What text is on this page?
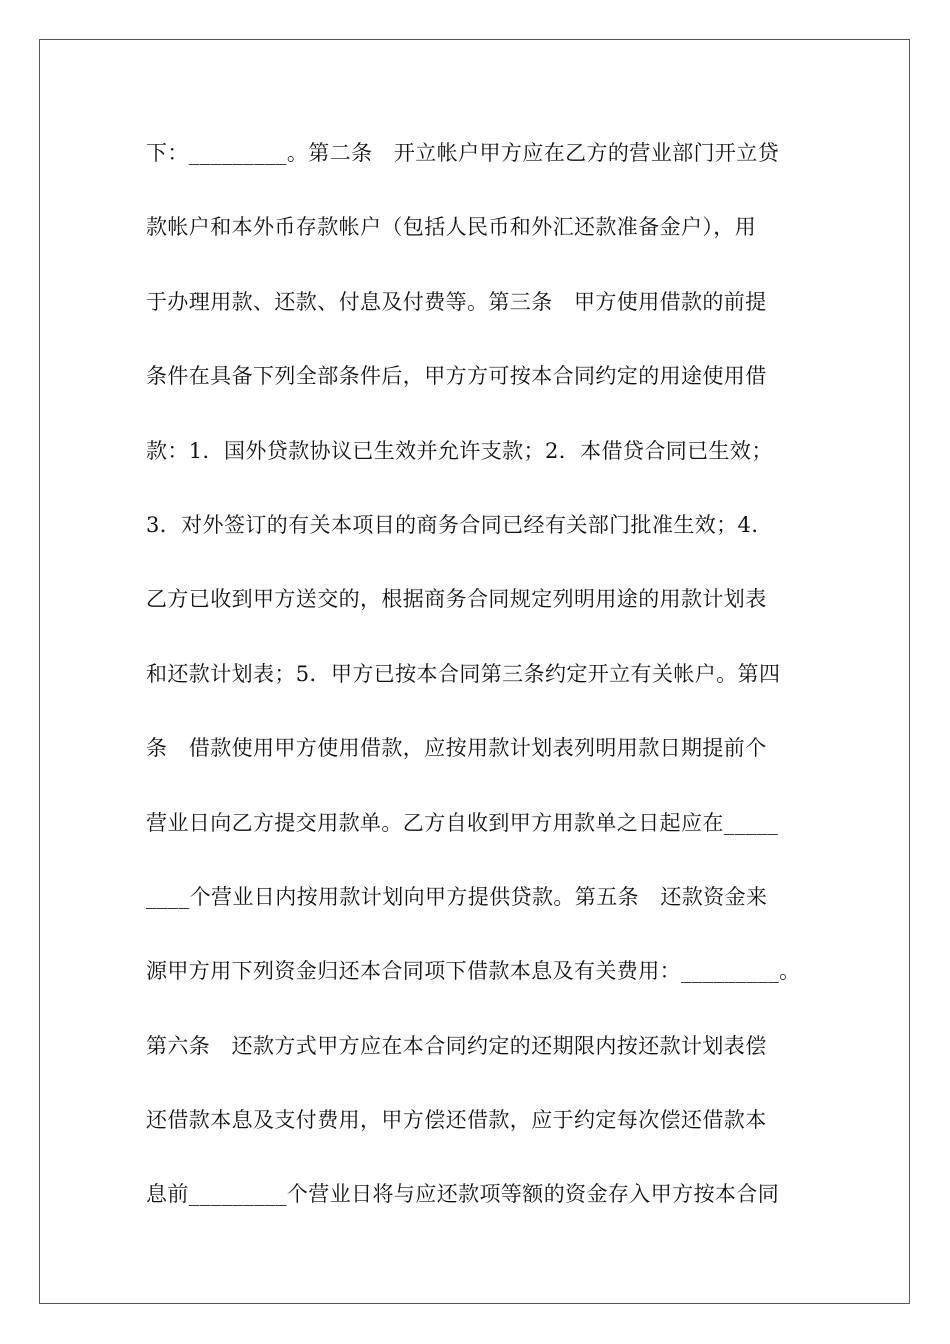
下：_________。第二条　开立帐户甲方应在乙方的营业部门开立贷
款帐户和本外币存款帐户（包括人民币和外汇还款准备金户），用
于办理用款、还款、付息及付费等。第三条　甲方使用借款的前提
条件在具备下列全部条件后，甲方方可按本合同约定的用途使用借
款：1．国外贷款协议已生效并允许支款；2．本借贷合同已生效；
3．对外签订的有关本项目的商务合同已经有关部门批准生效；4．
乙方已收到甲方送交的，根据商务合同规定列明用途的用款计划表
和还款计划表；5．甲方已按本合同第三条约定开立有关帐户。第四
条　借款使用甲方使用借款，应按用款计划表列明用款日期提前个
营业日向乙方提交用款单。乙方自收到甲方用款单之日起应在_____
____个营业日内按用款计划向甲方提供贷款。第五条　还款资金来
源甲方用下列资金归还本合同项下借款本息及有关费用：_________。
第六条　还款方式甲方应在本合同约定的还期限内按还款计划表偿
还借款本息及支付费用，甲方偿还借款，应于约定每次偿还借款本
息前_________个营业日将与应还款项等额的资金存入甲方按本合同
